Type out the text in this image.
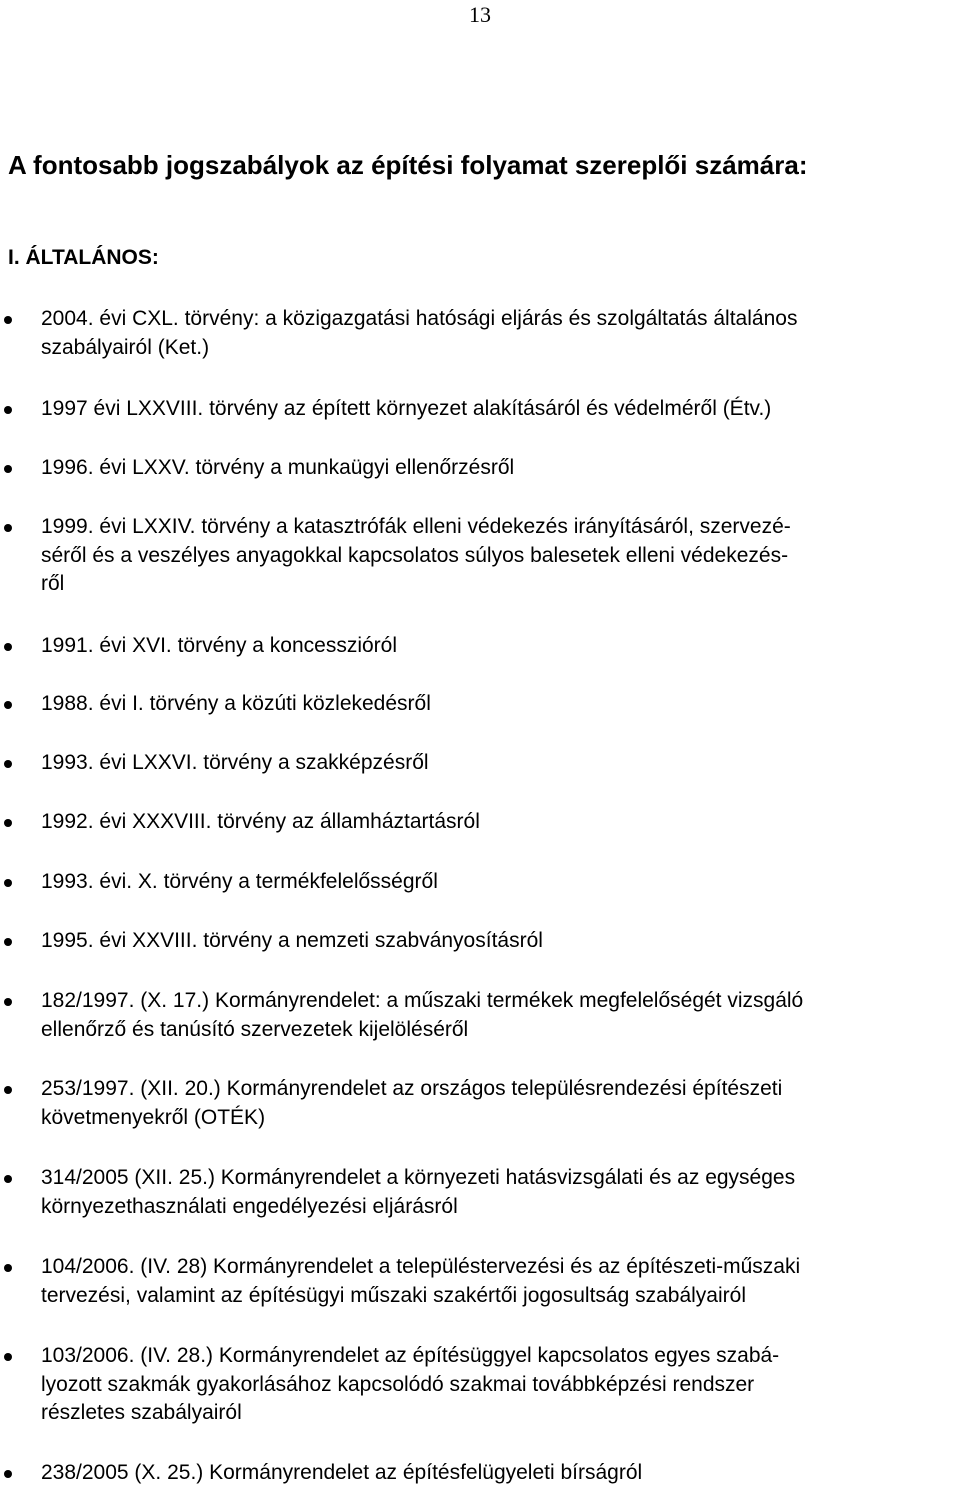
13
A fontosabb jogszabályok az építési folyamat szereplői számára:
I. ÁLTALÁNOS:
2004. évi CXL. törvény: a közigazgatási hatósági eljárás és szolgáltatás általános
szabályairól (Ket.)
1997 évi LXXVIII. törvény az épített környezet alakításáról és védelméről (Étv.)
1996. évi LXXV. törvény a munkaügyi ellenőrzésről
1999. évi LXXIV. törvény a katasztrófák elleni védekezés irányításáról, szervezé-
séről és a veszélyes anyagokkal kapcsolatos súlyos balesetek elleni védekezés-
ről
1991. évi XVI. törvény a koncesszióról
1988. évi I. törvény a közúti közlekedésről
1993. évi LXXVI. törvény a szakképzésről
1992. évi XXXVIII. törvény az államháztartásról
1993. évi. X. törvény a termékfelelősségről
1995. évi XXVIII. törvény a nemzeti szabványosításról
182/1997. (X. 17.) Kormányrendelet: a műszaki termékek megfelelőségét vizsgáló
ellenőrző és tanúsító szervezetek kijelöléséről
253/1997. (XII. 20.) Kormányrendelet az országos településrendezési építészeti
követmenyekről (OTÉK)
314/2005 (XII. 25.) Kormányrendelet a környezeti hatásvizsgálati és az egységes
környezethasználati engedélyezési eljárásról
104/2006. (IV. 28) Kormányrendelet a településtervezési és az építészeti-műszaki
tervezési, valamint az építésügyi műszaki szakértői jogosultság szabályairól
103/2006. (IV. 28.) Kormányrendelet az építésüggyel kapcsolatos egyes szabá-
lyozott szakmák gyakorlásához kapcsolódó szakmai továbbképzési rendszer
részletes szabályairól
238/2005 (X. 25.) Kormányrendelet az építésfelügyeleti bírságról
